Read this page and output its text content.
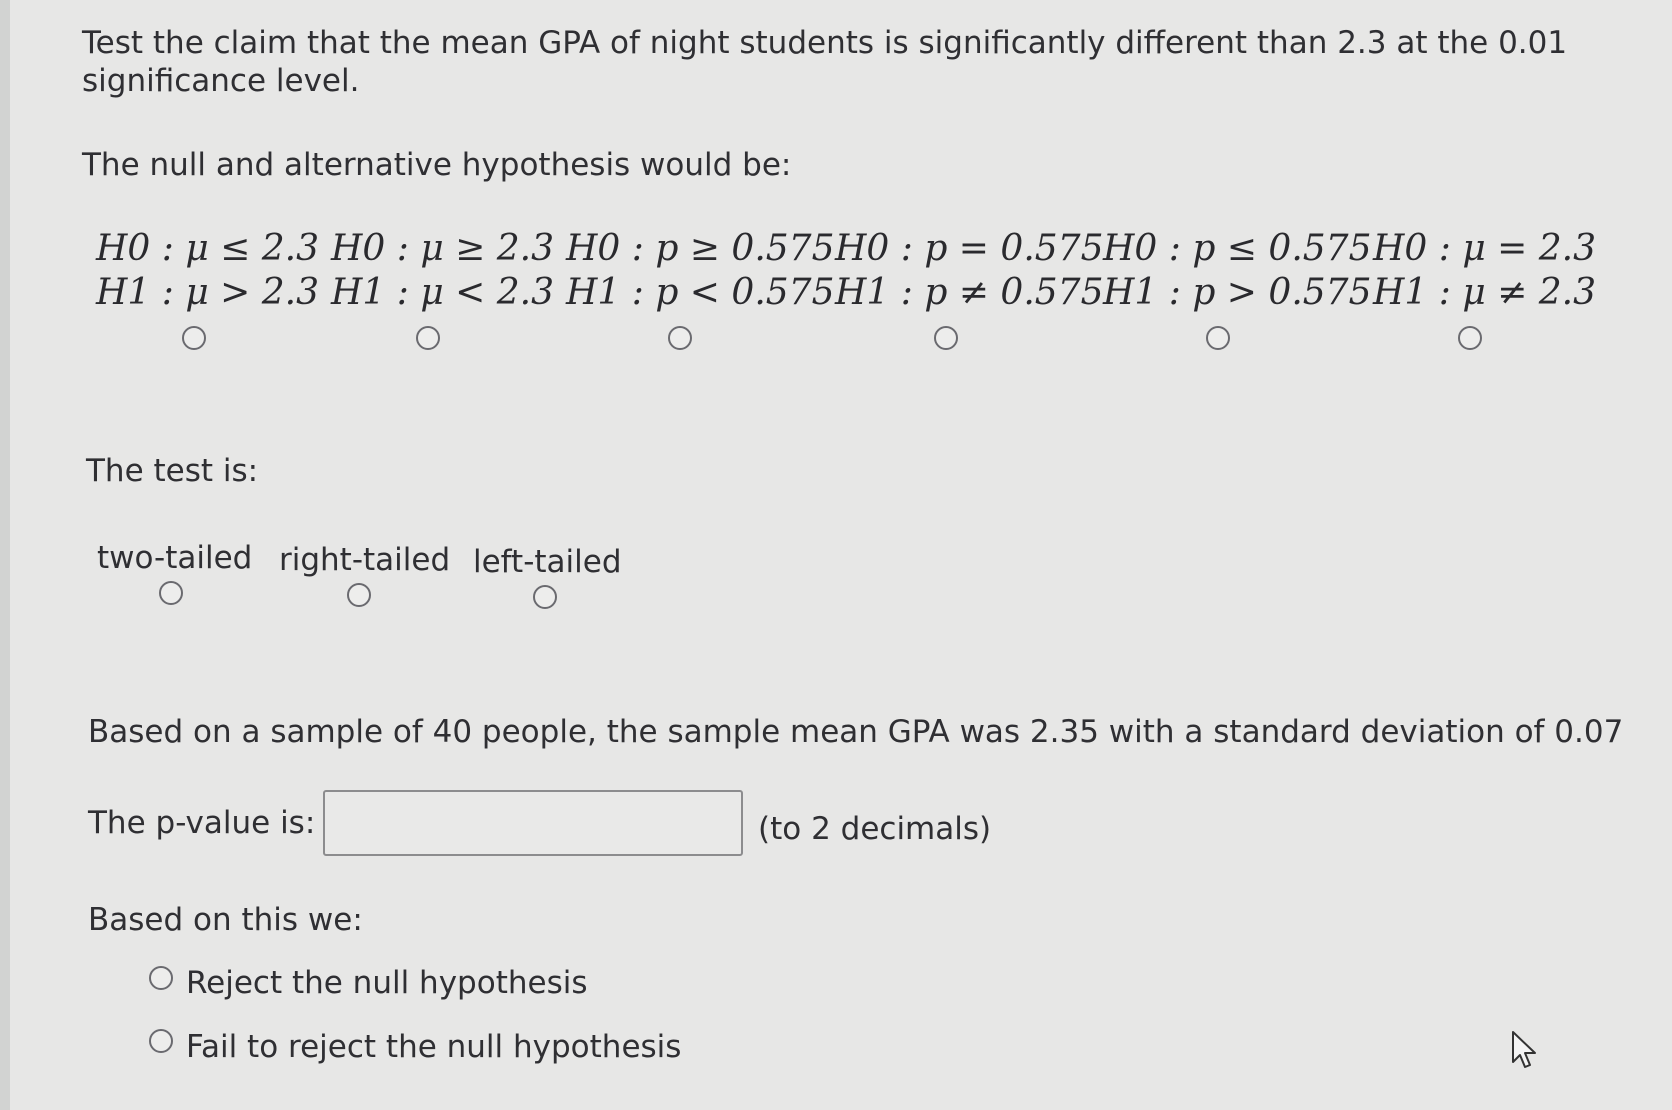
Test the claim that the mean GPA of night students is significantly different than 2.3 at the 0.01 significance level.
The null and alternative hypothesis would be:
H0 : μ ≤ 2.3
H1 : μ > 2.3
H0 : μ ≥ 2.3
H1 : μ < 2.3
H0 : p ≥ 0.575
H1 : p < 0.575
H0 : p = 0.575
H1 : p ≠ 0.575
H0 : p ≤ 0.575
H1 : p > 0.575
H0 : μ = 2.3
H1 : μ ≠ 2.3
The test is:
two-tailed right-tailed left-tailed
Based on a sample of 40 people, the sample mean GPA was 2.35 with a standard deviation of 0.07
The p-value is:	(to 2 decimals)
Based on this we:
Reject the null hypothesis
Fail to reject the null hypothesis
